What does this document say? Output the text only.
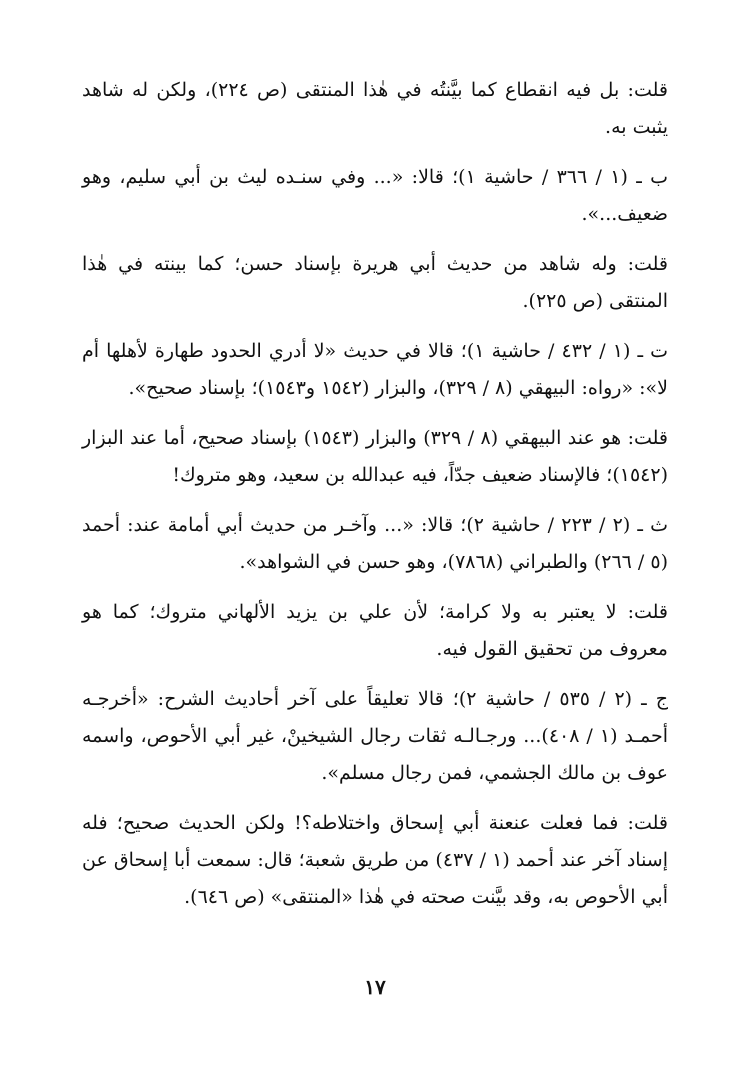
قلت: بل فيه انقطاع كما بيَّنتُه في هٰذا المنتقى (ص ٢٢٤)، ولكن له شاهد يثبت به.

ب ـ (١ / ٣٦٦ / حاشية ١)؛ قالا: «... وفي سنـده ليث بن أبي سليم، وهو ضعيف...».

قلت: وله شاهد من حديث أبي هريرة بإسناد حسن؛ كما بينته في هٰذا المنتقى (ص ٢٢٥).

ت ـ (١ / ٤٣٢ / حاشية ١)؛ قالا في حديث «لا أدري الحدود طهارة لأهلها أم لا»: «رواه: البيهقي (٨ / ٣٢٩)، والبزار (١٥٤٢ و١٥٤٣)؛ بإسناد صحيح».

قلت: هو عند البيهقي (٨ / ٣٢٩) والبزار (١٥٤٣) بإسناد صحيح، أما عند البزار (١٥٤٢)؛ فالإسناد ضعيف جدّاً، فيه عبدالله بن سعيد، وهو متروك!

ث ـ (٢ / ٢٢٣ / حاشية ٢)؛ قالا: «... وآخـر من حديث أبي أمامة عند: أحمد (٥ / ٢٦٦) والطبراني (٧٨٦٨)، وهو حسن في الشواهد».

قلت: لا يعتبر به ولا كرامة؛ لأن علي بن يزيد الألهاني متروك؛ كما هو معروف من تحقيق القول فيه.

ج ـ (٢ / ٥٣٥ / حاشية ٢)؛ قالا تعليقاً على آخر أحاديث الشرح: «أخرجـه أحمـد (١ / ٤٠٨)... ورجـالـه ثقات رجال الشيخينْ، غير أبي الأحوص، واسمه عوف بن مالك الجشمي، فمن رجال مسلم».

قلت: فما فعلت عنعنة أبي إسحاق واختلاطه؟! ولكن الحديث صحيح؛ فله إسناد آخر عند أحمد (١ / ٤٣٧) من طريق شعبة؛ قال: سمعت أبا إسحاق عن أبي الأحوص به، وقد بيَّنت صحته في هٰذا «المنتقى» (ص ٦٤٦).

١٧
